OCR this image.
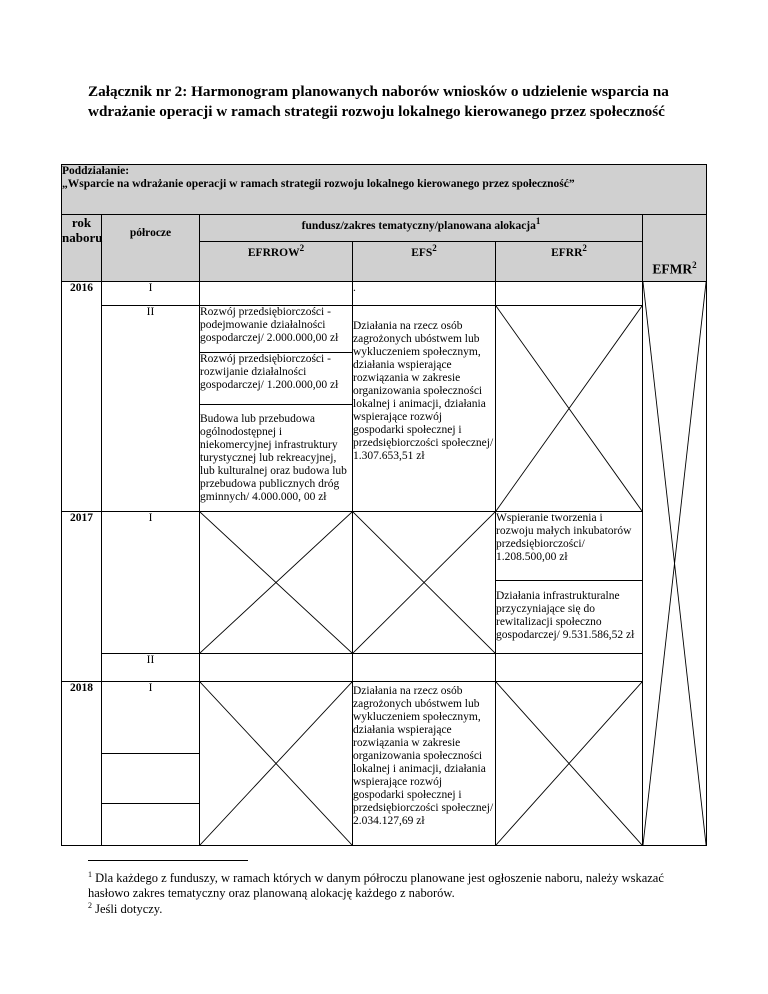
Załącznik nr 2: Harmonogram planowanych naborów wniosków o udzielenie wsparcia na wdrażanie operacji w ramach strategii rozwoju lokalnego kierowanego przez społeczność
Poddziałanie:
„Wsparcie na wdrażanie operacji w ramach strategii rozwoju lokalnego kierowanego przez społeczność”					

rok naboru	półrocze	fundusz/zakres tematyczny/planowana alokacja$^1$			EFMR$^2$
		EFRROW$^2$	EFS$^2$	EFRR$^2$
2016	I		.		

	II	Rozwój przedsiębiorczości - podejmowanie działalności gospodarczej/ 2.000.000,00 zł	Działania na rzecz osób zagrożonych ubóstwem lub wykluczeniem społecznym, działania wspierające rozwiązania w zakresie organizowania społeczności lokalnej i animacji, działania wspierające rozwój gospodarki społecznej i przedsiębiorczości społecznej/ 1.307.653,51 zł	

		Rozwój przedsiębiorczości - rozwijanie działalności gospodarczej/ 1.200.000,00 zł			
		Budowa lub przebudowa ogólnodostępnej i niekomercyjnej infrastruktury turystycznej lub rekreacyjnej, lub kulturalnej oraz budowa lub przebudowa publicznych dróg gminnych/ 4.000.000, 00 zł			
2017	I			Wspieranie tworzenia i rozwoju małych inkubatorów przedsiębiorczości/ 1.208.500,00 zł	
				Działania infrastrukturalne przyczyniające się do rewitalizacji społeczno gospodarczej/ 9.531.586,52 zł	
	II				
2018	I		Działania na rzecz osób zagrożonych ubóstwem lub wykluczeniem społecznym, działania wspierające rozwiązania w zakresie organizowania społeczności lokalnej i animacji, działania wspierające rozwój gospodarki społecznej i przedsiębiorczości społecznej/ 2.034.127,69 zł	

$^1$ Dla każdego z funduszy, w ramach których w danym półroczu planowane jest ogłoszenie naboru, należy wskazać hasłowo zakres tematyczny oraz planowaną alokację każdego z naborów.
$^2$ Jeśli dotyczy.
